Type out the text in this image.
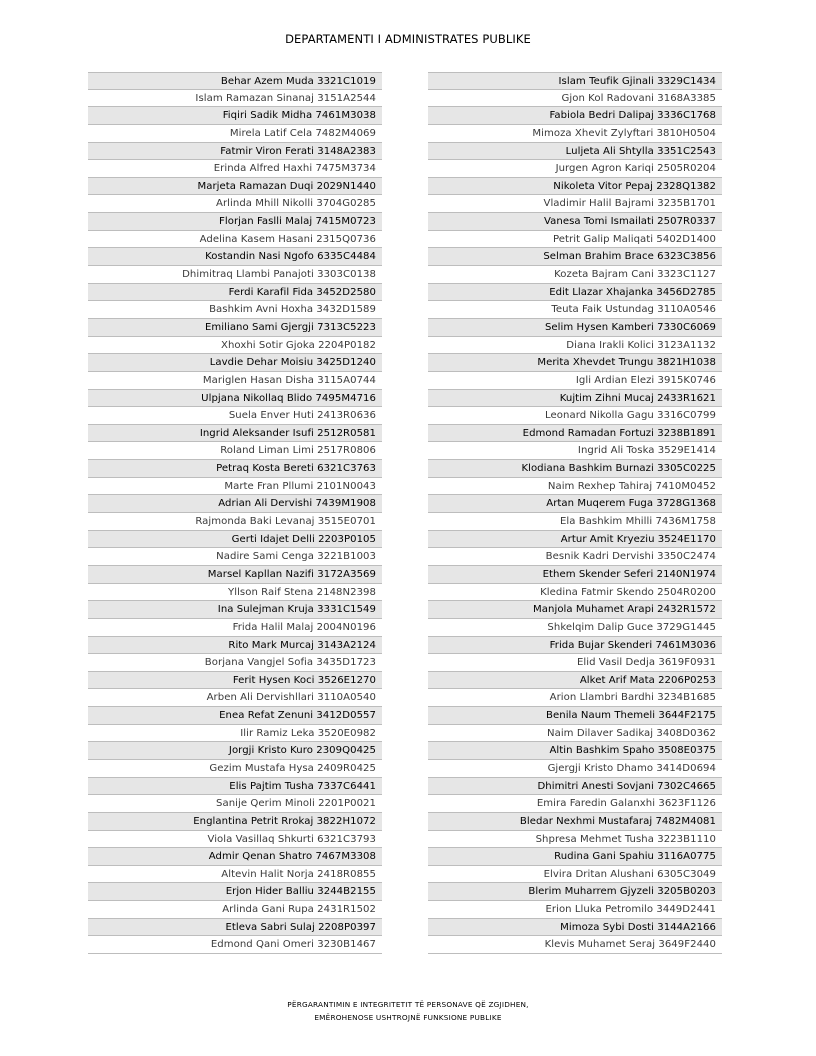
DEPARTAMENTI I ADMINISTRATES PUBLIKE
Behar Azem Muda 3321C1019
Islam Ramazan Sinanaj 3151A2544
Fiqiri Sadik Midha 7461M3038
Mirela Latif Cela 7482M4069
Fatmir Viron Ferati 3148A2383
Erinda Alfred Haxhi 7475M3734
Marjeta Ramazan Duqi 2029N1440
Arlinda Mhill Nikolli 3704G0285
Florjan Faslli Malaj 7415M0723
Adelina Kasem Hasani 2315Q0736
Kostandin Nasi Ngofo 6335C4484
Dhimitraq Llambi Panajoti 3303C0138
Ferdi Karafil Fida 3452D2580
Bashkim Avni Hoxha 3432D1589
Emiliano Sami Gjergji 7313C5223
Xhoxhi Sotir Gjoka 2204P0182
Lavdie Dehar Moisiu 3425D1240
Mariglen Hasan Disha 3115A0744
Ulpjana Nikollaq Blido 7495M4716
Suela Enver Huti 2413R0636
Ingrid Aleksander Isufi 2512R0581
Roland Liman Limi 2517R0806
Petraq Kosta Bereti 6321C3763
Marte Fran Pllumi 2101N0043
Adrian Ali Dervishi 7439M1908
Rajmonda Baki Levanaj 3515E0701
Gerti Idajet Delli 2203P0105
Nadire Sami Cenga 3221B1003
Marsel Kapllan Nazifi 3172A3569
Yllson Raif Stena 2148N2398
Ina Sulejman Kruja 3331C1549
Frida Halil Malaj 2004N0196
Rito Mark Murcaj 3143A2124
Borjana Vangjel Sofia 3435D1723
Ferit Hysen Koci 3526E1270
Arben Ali Dervishllari 3110A0540
Enea Refat Zenuni 3412D0557
Ilir Ramiz Leka 3520E0982
Jorgji Kristo Kuro 2309Q0425
Gezim Mustafa Hysa 2409R0425
Elis Pajtim Tusha 7337C6441
Sanije Qerim Minoli 2201P0021
Englantina Petrit Rrokaj 3822H1072
Viola Vasillaq Shkurti 6321C3793
Admir Qenan Shatro 7467M3308
Altevin Halit Norja 2418R0855
Erjon Hider Balliu 3244B2155
Arlinda Gani Rupa 2431R1502
Etleva Sabri Sulaj 2208P0397
Edmond Qani Omeri 3230B1467
Islam Teufik Gjinali 3329C1434
Gjon Kol Radovani 3168A3385
Fabiola Bedri Dalipaj 3336C1768
Mimoza Xhevit Zylyftari 3810H0504
Luljeta Ali Shtylla 3351C2543
Jurgen Agron Kariqi 2505R0204
Nikoleta Vitor Pepaj 2328Q1382
Vladimir Halil Bajrami 3235B1701
Vanesa Tomi Ismailati 2507R0337
Petrit Galip Maliqati 5402D1400
Selman Brahim Brace 6323C3856
Kozeta Bajram Cani 3323C1127
Edit Llazar Xhajanka 3456D2785
Teuta Faik Ustundag 3110A0546
Selim Hysen Kamberi 7330C6069
Diana Irakli Kolici 3123A1132
Merita Xhevdet Trungu 3821H1038
Igli Ardian Elezi 3915K0746
Kujtim Zihni Mucaj 2433R1621
Leonard Nikolla Gagu 3316C0799
Edmond Ramadan Fortuzi 3238B1891
Ingrid Ali Toska 3529E1414
Klodiana Bashkim Burnazi 3305C0225
Naim Rexhep Tahiraj 7410M0452
Artan Muqerem Fuga 3728G1368
Ela Bashkim Mhilli 7436M1758
Artur Amit Kryeziu 3524E1170
Besnik Kadri Dervishi 3350C2474
Ethem Skender Seferi 2140N1974
Kledina Fatmir Skendo 2504R0200
Manjola Muhamet Arapi 2432R1572
Shkelqim Dalip Guce 3729G1445
Frida Bujar Skenderi 7461M3036
Elid Vasil Dedja 3619F0931
Alket Arif Mata 2206P0253
Arion Llambri Bardhi 3234B1685
Benila Naum Themeli 3644F2175
Naim Dilaver Sadikaj 3408D0362
Altin Bashkim Spaho 3508E0375
Gjergji Kristo Dhamo 3414D0694
Dhimitri Anesti Sovjani 7302C4665
Emira Faredin Galanxhi 3623F1126
Bledar Nexhmi Mustafaraj 7482M4081
Shpresa Mehmet Tusha 3223B1110
Rudina Gani Spahiu 3116A0775
Elvira Dritan Alushani 6305C3049
Blerim Muharrem Gjyzeli 3205B0203
Erion Lluka Petromilo 3449D2441
Mimoza Sybi Dosti 3144A2166
Klevis Muhamet Seraj 3649F2440
PËRGARANTIMIN E INTEGRITETIT TË PERSONAVE QË ZGJIDHEN,
EMËROHENOSE USHTROJNË FUNKSIONE PUBLIKE
